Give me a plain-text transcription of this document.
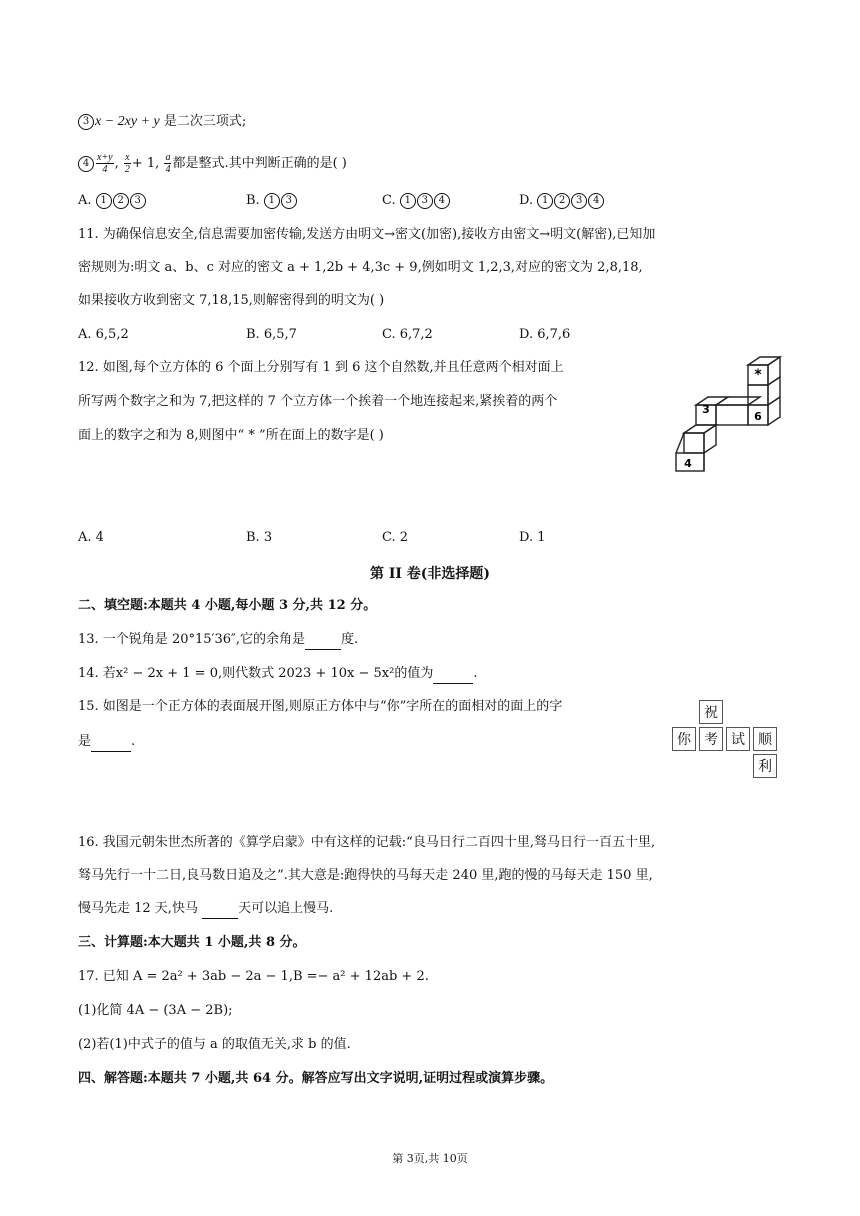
3 x − 2xy + y 是二次三项式;
$4 \frac{x+y}{4}$ , $\frac{x}{2} + 1$, $\frac{a}{4}$ 都是整式.其中判断正确的是( )
A. 1 2 3	B. 1 3	C. 1 3 4	D. 1 2 3 4
11. 为确保信息安全,信息需要加密传输,发送方由明文→密文(加密),接收方由密文→明文(解密),已知加
密规则为:明文 a、b、c 对应的密文 a + 1,2b + 4,3c + 9,例如明文 1,2,3,对应的密文为 2,8,18,
如果接收方收到密文 7,18,15,则解密得到的明文为( )
A. 6,5,2	B. 6,5,7	C. 6,7,2	D. 6,7,6
12. 如图,每个立方体的 6 个面上分别写有 1 到 6 这个自然数,并且任意两个相对面上
所写两个数字之和为 7,把这样的 7 个立方体一个挨着一个地连接起来,紧挨着的两个
面上的数字之和为 8,则图中“ * ”所在面上的数字是( )
*
3
6
4
A. 4	B. 3	C. 2	D. 1
第 II 卷(非选择题)
二、填空题:本题共 4 小题,每小题 3 分,共 12 分。
13. 一个锐角是 20°15′36″,它的余角是	度.
14. 若x² − 2x + 1 = 0,则代数式 2023 + 10x − 5x²的值为	.
15. 如图是一个正方体的表面展开图,则原正方体中与“你”字所在的面相对的面上的字
是	.
祝
你 考 试 顺
利
16. 我国元朝朱世杰所著的《算学启蒙》中有这样的记载:“良马日行二百四十里,驽马日行一百五十里,
驽马先行一十二日,良马数日追及之”.其大意是:跑得快的马每天走 240 里,跑的慢的马每天走 150 里,
慢马先走 12 天,快马	天可以追上慢马.
三、计算题:本大题共 1 小题,共 8 分。
17. 已知 A = 2a² + 3ab − 2a − 1,B =− a² + 12ab + 2.
(1)化简 4A − (3A − 2B);
(2)若(1)中式子的值与 a 的取值无关,求 b 的值.
四、解答题:本题共 7 小题,共 64 分。解答应写出文字说明,证明过程或演算步骤。
第 3页,共 10页
